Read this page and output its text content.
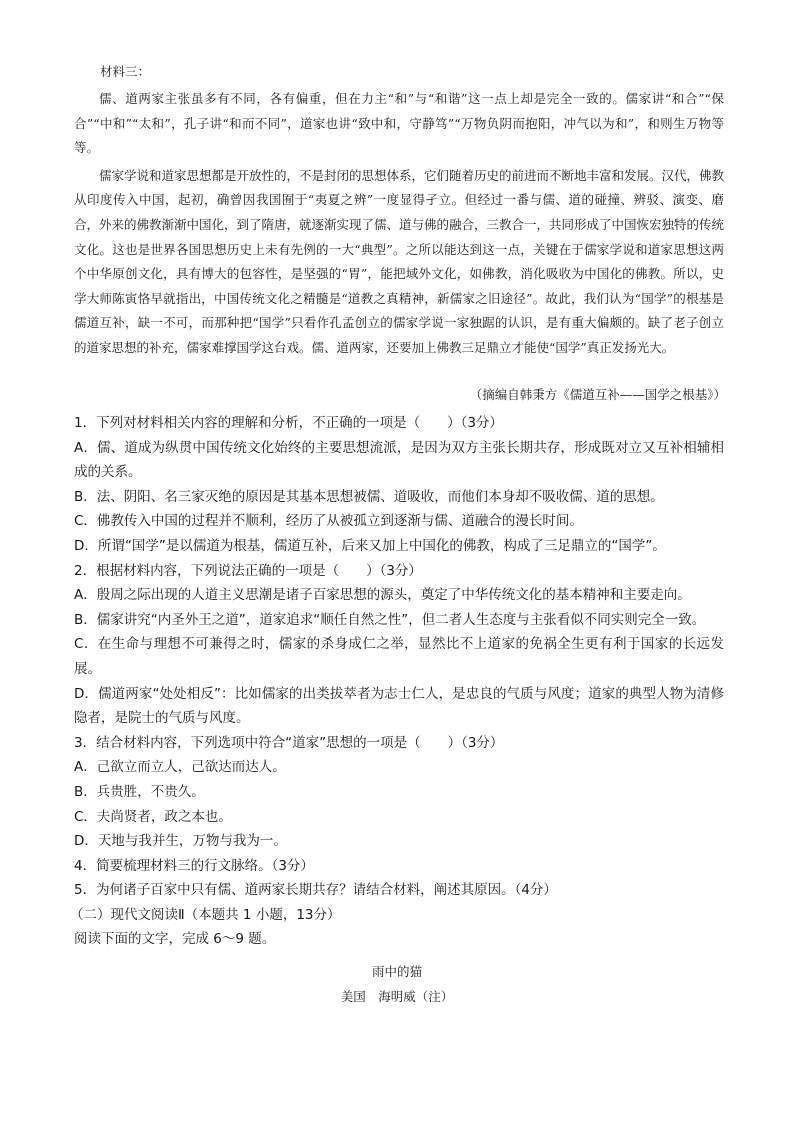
材料三：

儒、道两家主张虽多有不同，各有偏重，但在力主“和”与“和谐”这一点上却是完全一致的。儒家讲“和合”“保合”“中和”“太和”，孔子讲“和而不同”，道家也讲“致中和，守静笃”“万物负阴而抱阳，冲气以为和”，和则生万物等等。

儒家学说和道家思想都是开放性的，不是封闭的思想体系，它们随着历史的前进而不断地丰富和发展。汉代，佛教从印度传入中国，起初，确曾因我国囿于“夷夏之辨”一度显得孑立。但经过一番与儒、道的碰撞、辨驳、演变、磨合，外来的佛教渐渐中国化，到了隋唐，就逐渐实现了儒、道与佛的融合，三教合一，共同形成了中国恢宏独特的传统文化。这也是世界各国思想历史上未有先例的一大“典型”。之所以能达到这一点，关键在于儒家学说和道家思想这两个中华原创文化，具有博大的包容性，是坚强的“胃”，能把域外文化，如佛教，消化吸收为中国化的佛教。所以，史学大师陈寅恪早就指出，中国传统文化之精髓是“道教之真精神，新儒家之旧途径”。故此，我们认为“国学”的根基是儒道互补，缺一不可，而那种把“国学”只看作孔孟创立的儒家学说一家独踞的认识，是有重大偏颇的。缺了老子创立的道家思想的补充，儒家难撑国学这台戏。儒、道两家，还要加上佛教三足鼎立才能使“国学”真正发扬光大。

（摘编自韩秉方《儒道互补——国学之根基》）

1．下列对材料相关内容的理解和分析，不正确的一项是（　　）（3分）

A．儒、道成为纵贯中国传统文化始终的主要思想流派，是因为双方主张长期共存，形成既对立又互补相辅相成的关系。

B．法、阴阳、名三家灭绝的原因是其基本思想被儒、道吸收，而他们本身却不吸收儒、道的思想。

C．佛教传入中国的过程并不顺利，经历了从被孤立到逐渐与儒、道融合的漫长时间。

D．所谓“国学”是以儒道为根基，儒道互补，后来又加上中国化的佛教，构成了三足鼎立的“国学”。

2．根据材料内容，下列说法正确的一项是（　　）（3分）

A．殷周之际出现的人道主义思潮是诸子百家思想的源头，奠定了中华传统文化的基本精神和主要走向。

B．儒家讲究“内圣外王之道”，道家追求“顺任自然之性”，但二者人生态度与主张看似不同实则完全一致。

C．在生命与理想不可兼得之时，儒家的杀身成仁之举，显然比不上道家的免祸全生更有利于国家的长远发展。

D．儒道两家“处处相反”：比如儒家的出类拔萃者为志士仁人，是忠良的气质与风度；道家的典型人物为清修隐者，是院士的气质与风度。

3．结合材料内容，下列选项中符合“道家”思想的一项是（　　）（3分）

A．己欲立而立人，己欲达而达人。

B．兵贵胜，不贵久。

C．夫尚贤者，政之本也。

D．天地与我并生，万物与我为一。

4．简要梳理材料三的行文脉络。（3分）

5．为何诸子百家中只有儒、道两家长期共存？请结合材料，阐述其原因。（4分）

（二）现代文阅读Ⅱ（本题共 1 小题，13分）

阅读下面的文字，完成 6～9 题。

雨中的猫
美国　海明威（注）
